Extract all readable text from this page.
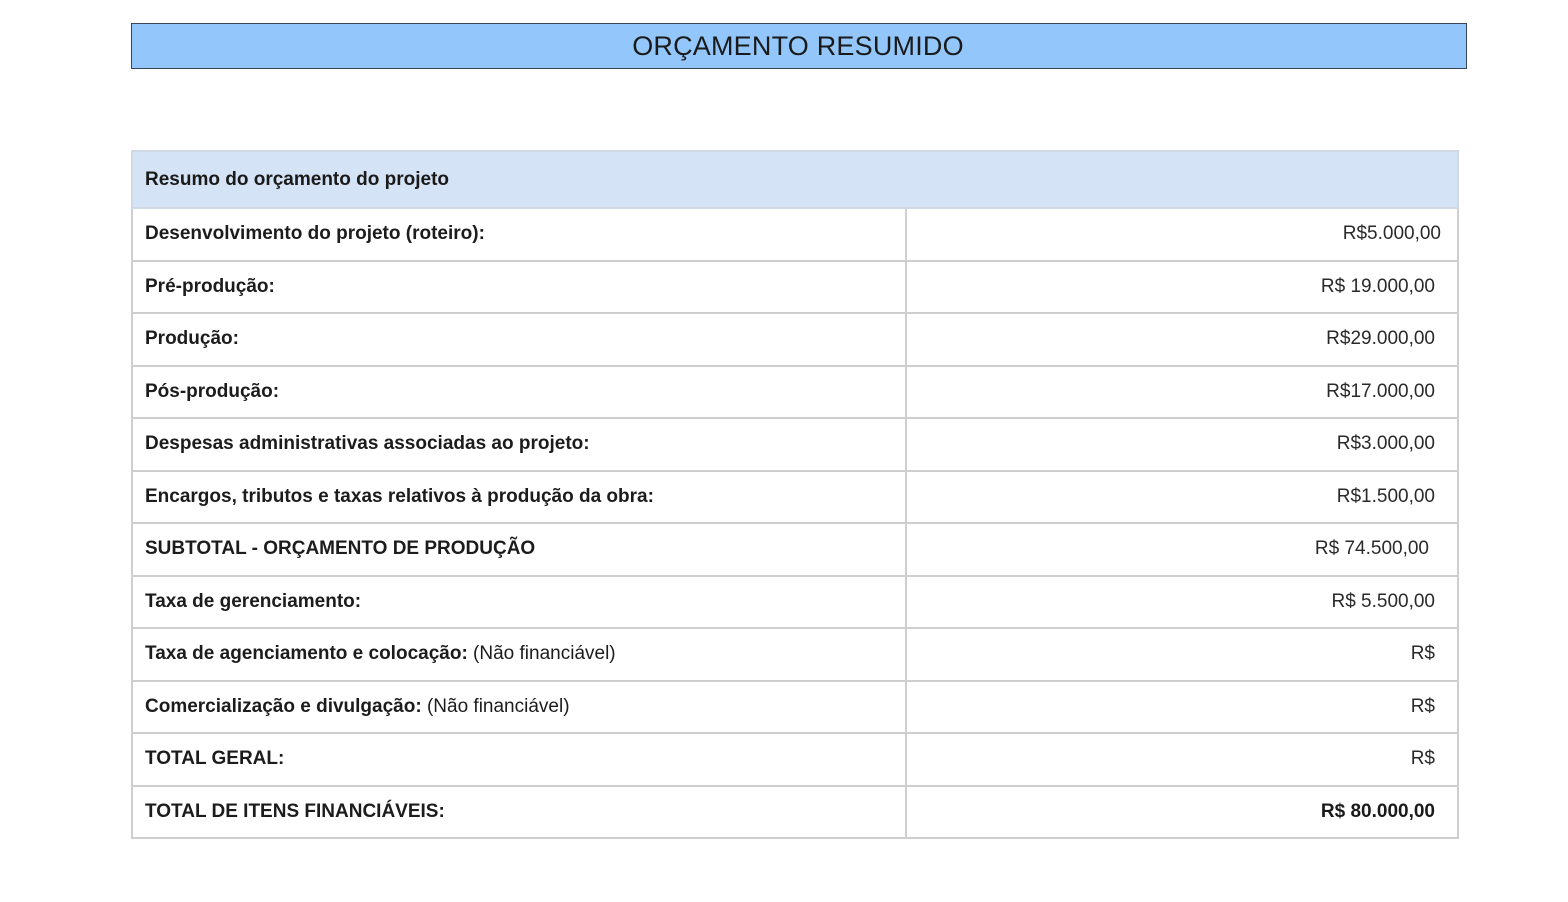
ORÇAMENTO RESUMIDO
Resumo do orçamento do projeto	
Desenvolvimento do projeto (roteiro):	R$5.000,00
Pré-produção:	R$ 19.000,00
Produção:	R$29.000,00
Pós-produção:	R$17.000,00
Despesas administrativas associadas ao projeto:	R$3.000,00
Encargos, tributos e taxas relativos à produção da obra:	R$1.500,00
SUBTOTAL - ORÇAMENTO DE PRODUÇÃO	R$ 74.500,00
Taxa de gerenciamento:	R$ 5.500,00
Taxa de agenciamento e colocação: (Não financiável)	R$
Comercialização e divulgação: (Não financiável)	R$
TOTAL GERAL:	R$
TOTAL DE ITENS FINANCIÁVEIS:	R$ 80.000,00
